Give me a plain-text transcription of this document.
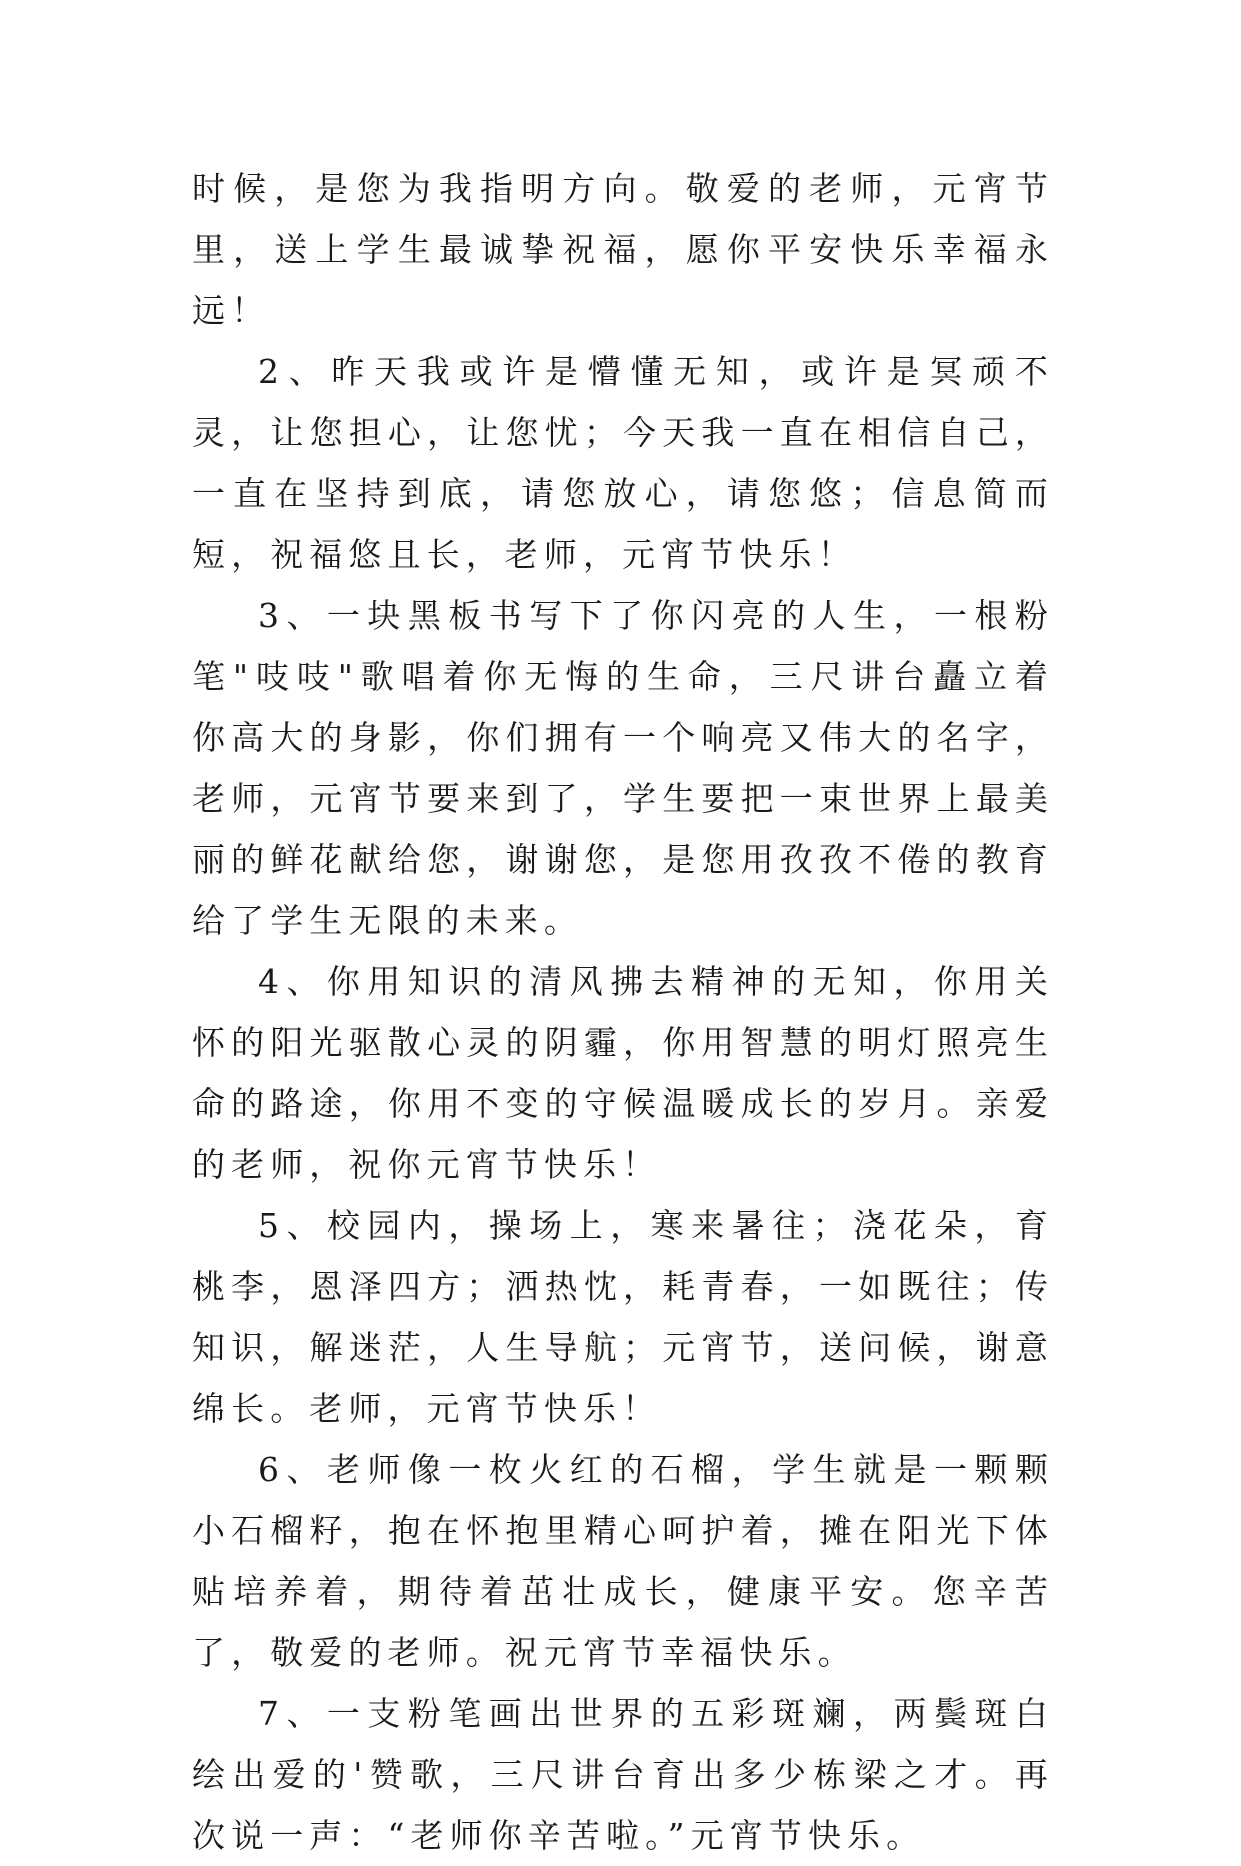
时候，是您为我指明方向。敬爱的老师，元宵节里，送上学生最诚挚祝福，愿你平安快乐幸福永远！

2、昨天我或许是懵懂无知，或许是冥顽不灵，让您担心，让您忧；今天我一直在相信自己，一直在坚持到底，请您放心，请您悠；信息简而短，祝福悠且长，老师，元宵节快乐！

3、一块黑板书写下了你闪亮的人生，一根粉笔"吱吱"歌唱着你无悔的生命，三尺讲台矗立着你高大的身影，你们拥有一个响亮又伟大的名字，老师，元宵节要来到了，学生要把一束世界上最美丽的鲜花献给您，谢谢您，是您用孜孜不倦的教育给了学生无限的未来。

4、你用知识的清风拂去精神的无知，你用关怀的阳光驱散心灵的阴霾，你用智慧的明灯照亮生命的路途，你用不变的守候温暖成长的岁月。亲爱的老师，祝你元宵节快乐！

5、校园内，操场上，寒来暑往；浇花朵，育桃李，恩泽四方；洒热忱，耗青春，一如既往；传知识，解迷茫，人生导航；元宵节，送问候，谢意绵长。老师，元宵节快乐！

6、老师像一枚火红的石榴，学生就是一颗颗小石榴籽，抱在怀抱里精心呵护着，摊在阳光下体贴培养着，期待着茁壮成长，健康平安。您辛苦了，敬爱的老师。祝元宵节幸福快乐。

7、一支粉笔画出世界的五彩斑斓，两鬓斑白绘出爱的'赞歌，三尺讲台育出多少栋梁之才。再次说一声：“老师你辛苦啦。”元宵节快乐。
